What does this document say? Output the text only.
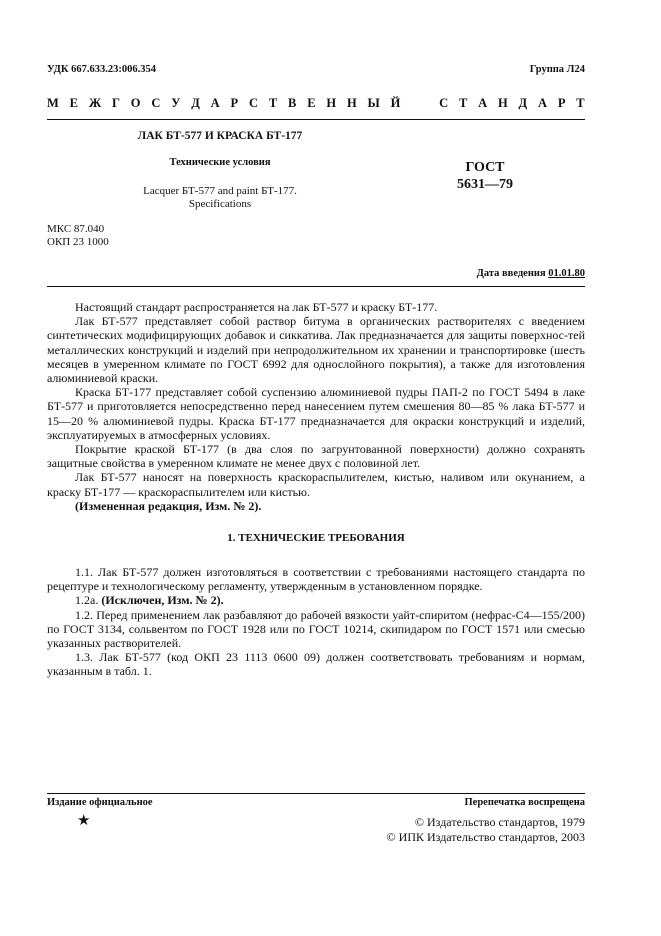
УДК 667.633.23:006.354	Группа Л24
М Е Ж Г О С У Д А Р С Т В Е Н Н Ы Й

	С Т А Н Д А Р Т
ЛАК БТ-577 И КРАСКА БТ-177
Технические условия
Lacquer БТ-577 and paint БТ-177.
Specifications
ГОСТ
5631—79
МКС 87.040
ОКП 23 1000
Дата введения 01.01.80

Настоящий стандарт распространяется на лак БТ-577 и краску БТ-177.

Лак БТ-577 представляет собой раствор битума в органических растворителях с введением синтетических модифицирующих добавок и сиккатива. Лак предназначается для защиты поверхнос-тей металлических конструкций и изделий при непродолжительном их хранении и транспортировке (шесть месяцев в умеренном климате по ГОСТ 6992 для однослойного покрытия), а также для изготовления алюминиевой краски.

Краска БТ-177 представляет собой суспензию алюминиевой пудры ПАП-2 по ГОСТ 5494 в лаке БТ-577 и приготовляется непосредственно перед нанесением путем смешения 80—85 % лака БТ-577 и 15—20 % алюминиевой пудры. Краска БТ-177 предназначается для окраски конструкций и изделий, эксплуатируемых в атмосферных условиях.

Покрытие краской БТ-177 (в два слоя по загрунтованной поверхности) должно сохранять защитные свойства в умеренном климате не менее двух с половиной лет.

Лак БТ-577 наносят на поверхность краскораспылителем, кистью, наливом или окунанием, а краску БТ-177 — краскораспылителем или кистью.

(Измененная редакция, Изм. № 2).

1. ТЕХНИЧЕСКИЕ ТРЕБОВАНИЯ

1.1. Лак БТ-577 должен изготовляться в соответствии с требованиями настоящего стандарта по рецептуре и технологическому регламенту, утвержденным в установленном порядке.

1.2а. (Исключен, Изм. № 2).

1.2. Перед применением лак разбавляют до рабочей вязкости уайт-спиритом (нефрас-С4—155/200) по ГОСТ 3134, сольвентом по ГОСТ 1928 или по ГОСТ 10214, скипидаром по ГОСТ 1571 или смесью указанных растворителей.

1.3. Лак БТ-577 (код ОКП 23 1113 0600 09) должен соответствовать требованиям и нормам, указанным в табл. 1.

Издание официальное	Перепечатка воспрещена
★	© Издательство стандартов, 1979
© ИПК Издательство стандартов, 2003
